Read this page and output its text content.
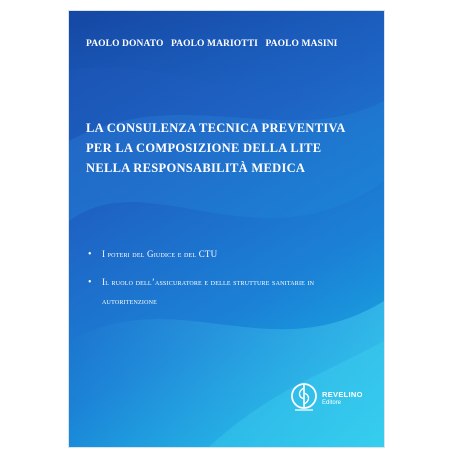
PAOLO DONATO PAOLO MARIOTTI PAOLO MASINI
LA CONSULENZA TECNICA PREVENTIVA
PER LA COMPOSIZIONE DELLA LITE
NELLA RESPONSABILITÀ MEDICA
• I poteri del Giudice e del CTU
• Il ruolo dell’assicuratore e delle strutture sanitarie in autoritenzione
REVELINO
Editore
